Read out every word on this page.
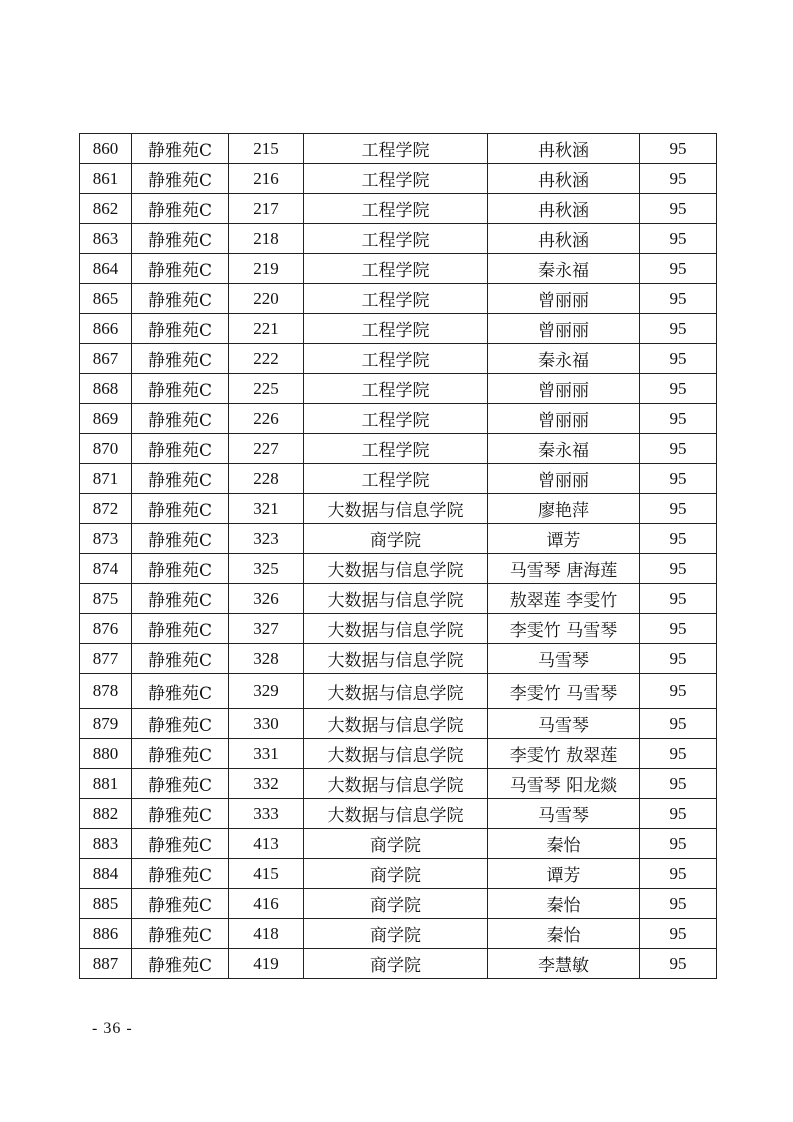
860	静雅苑C	215	工程学院	冉秋涵	95
861	静雅苑C	216	工程学院	冉秋涵	95
862	静雅苑C	217	工程学院	冉秋涵	95
863	静雅苑C	218	工程学院	冉秋涵	95
864	静雅苑C	219	工程学院	秦永福	95
865	静雅苑C	220	工程学院	曾丽丽	95
866	静雅苑C	221	工程学院	曾丽丽	95
867	静雅苑C	222	工程学院	秦永福	95
868	静雅苑C	225	工程学院	曾丽丽	95
869	静雅苑C	226	工程学院	曾丽丽	95
870	静雅苑C	227	工程学院	秦永福	95
871	静雅苑C	228	工程学院	曾丽丽	95
872	静雅苑C	321	大数据与信息学院	廖艳萍	95
873	静雅苑C	323	商学院	谭芳	95
874	静雅苑C	325	大数据与信息学院	马雪琴 唐海莲	95
875	静雅苑C	326	大数据与信息学院	敖翠莲 李雯竹	95
876	静雅苑C	327	大数据与信息学院	李雯竹 马雪琴	95
877	静雅苑C	328	大数据与信息学院	马雪琴	95
878	静雅苑C	329	大数据与信息学院	李雯竹 马雪琴	95
879	静雅苑C	330	大数据与信息学院	马雪琴	95
880	静雅苑C	331	大数据与信息学院	李雯竹 敖翠莲	95
881	静雅苑C	332	大数据与信息学院	马雪琴 阳龙燚	95
882	静雅苑C	333	大数据与信息学院	马雪琴	95
883	静雅苑C	413	商学院	秦怡	95
884	静雅苑C	415	商学院	谭芳	95
885	静雅苑C	416	商学院	秦怡	95
886	静雅苑C	418	商学院	秦怡	95
887	静雅苑C	419	商学院	李慧敏	95
- 36 -
